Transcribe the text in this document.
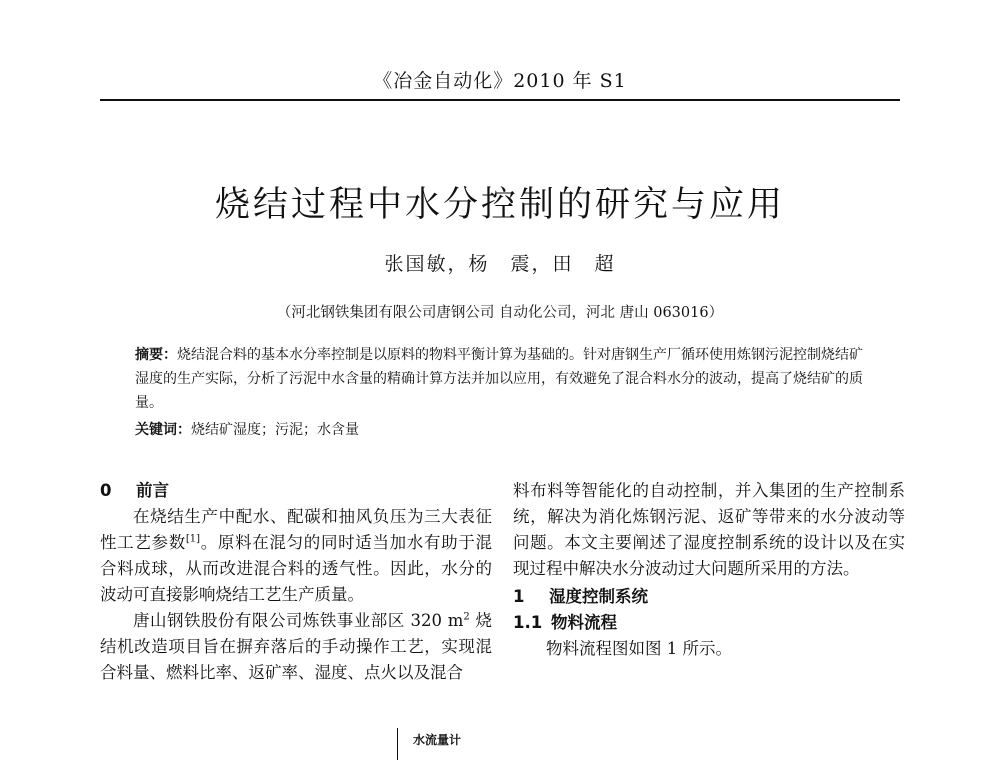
《冶金自动化》2010 年 S1
烧结过程中水分控制的研究与应用
张国敏，杨　震，田　超
（河北钢铁集团有限公司唐钢公司 自动化公司，河北 唐山 063016）
摘要：烧结混合料的基本水分率控制是以原料的物料平衡计算为基础的。针对唐钢生产厂循环使用炼钢污泥控制烧结矿湿度的生产实际，分析了污泥中水含量的精确计算方法并加以应用，有效避免了混合料水分的波动，提高了烧结矿的质量。
关键词：烧结矿湿度；污泥；水含量
0 前言

在烧结生产中配水、配碳和抽风负压为三大表征性工艺参数[1]。原料在混匀的同时适当加水有助于混合料成球，从而改进混合料的透气性。因此，水分的波动可直接影响烧结工艺生产质量。

唐山钢铁股份有限公司炼铁事业部区 320 $m^2$ 烧结机改造项目旨在摒弃落后的手动操作工艺，实现混合料量、燃料比率、返矿率、湿度、点火以及混合

料布料等智能化的自动控制，并入集团的生产控制系统，解决为消化炼钢污泥、返矿等带来的水分波动等问题。本文主要阐述了湿度控制系统的设计以及在实现过程中解决水分波动过大问题所采用的方法。

1 湿度控制系统
1.1 物料流程

物料流程图如图 1 所示。

水流量计
